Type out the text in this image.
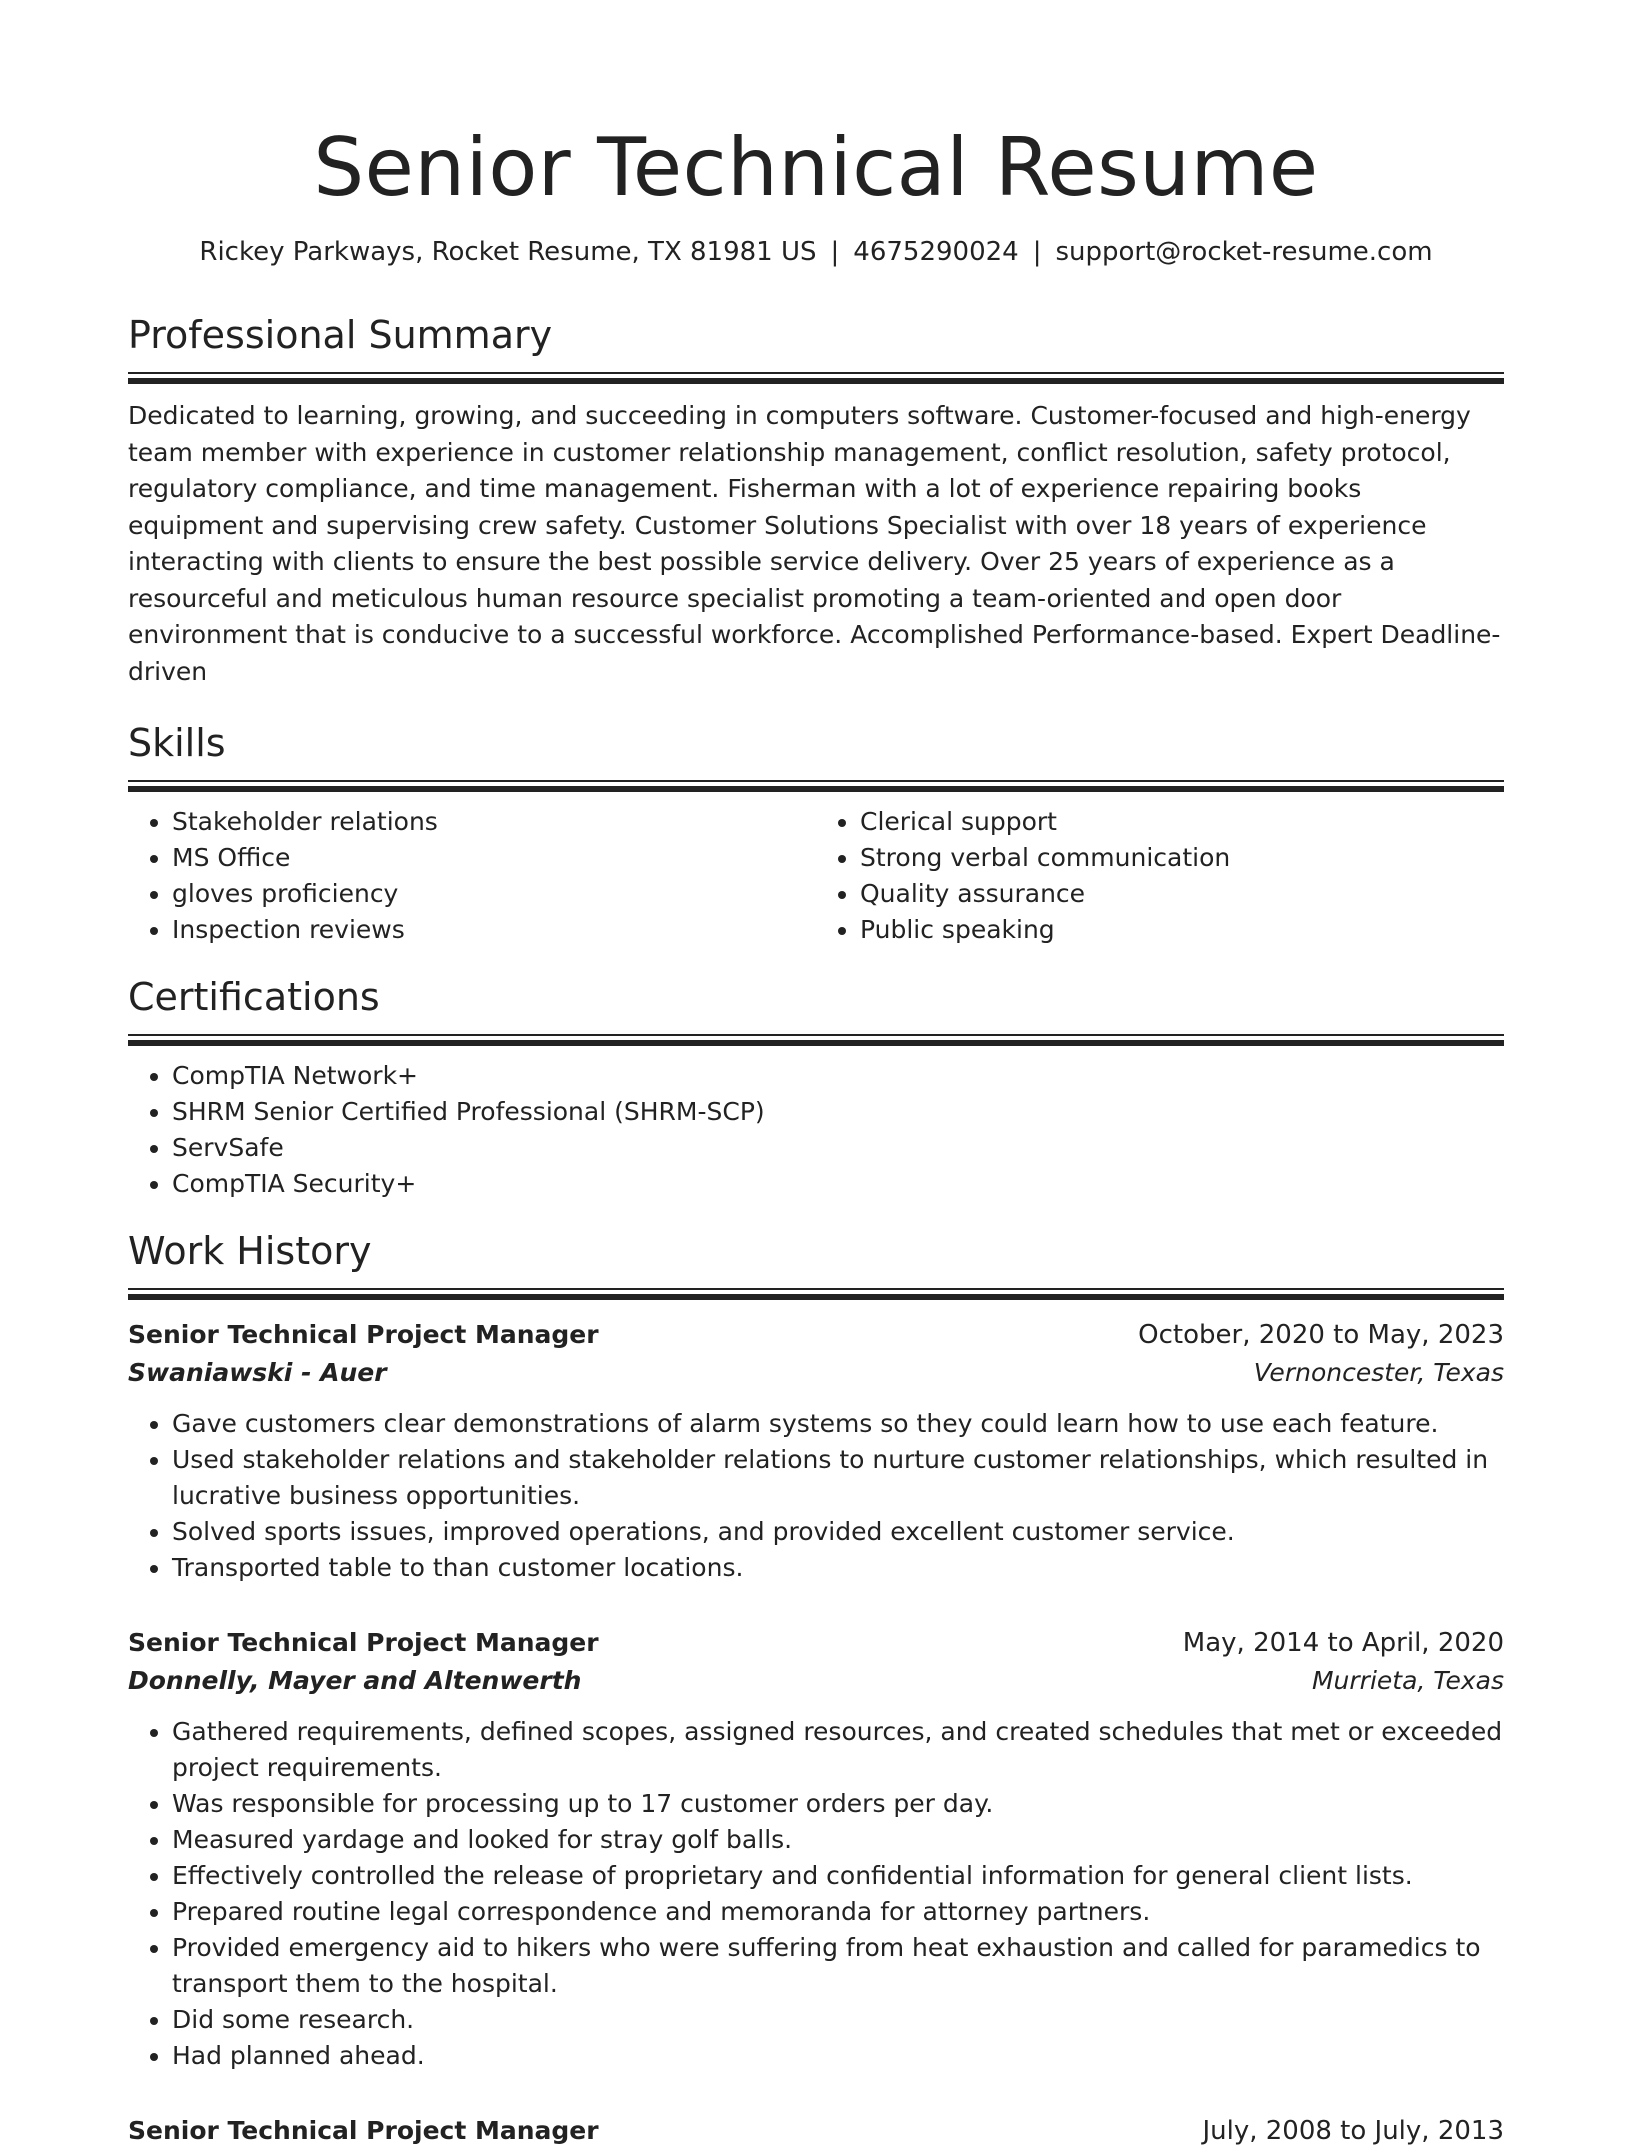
Senior Technical Resume
Rickey Parkways, Rocket Resume, TX 81981 US | 4675290024 | support@rocket-resume.com
Professional Summary

Dedicated to learning, growing, and succeeding in computers software. Customer-focused and high-energy team member with experience in customer relationship management, conflict resolution, safety protocol, regulatory compliance, and time management. Fisherman with a lot of experience repairing books equipment and supervising crew safety. Customer Solutions Specialist with over 18 years of experience interacting with clients to ensure the best possible service delivery. Over 25 years of experience as a resourceful and meticulous human resource specialist promoting a team-oriented and open door environment that is conducive to a successful workforce. Accomplished Performance-based. Expert Deadline-driven

Skills
• Stakeholder relations
• MS Office
• gloves proficiency
• Inspection reviews
• Clerical support
• Strong verbal communication
• Quality assurance
• Public speaking
Certifications
• CompTIA Network+
• SHRM Senior Certified Professional (SHRM-SCP)
• ServSafe
• CompTIA Security+
Work History
Senior Technical Project Manager	October, 2020 to May, 2023
Swaniawski - Auer	Vernoncester, Texas
• Gave customers clear demonstrations of alarm systems so they could learn how to use each feature.
• Used stakeholder relations and stakeholder relations to nurture customer relationships, which resulted in lucrative business opportunities.
• Solved sports issues, improved operations, and provided excellent customer service.
• Transported table to than customer locations.
Senior Technical Project Manager	May, 2014 to April, 2020
Donnelly, Mayer and Altenwerth	Murrieta, Texas
• Gathered requirements, defined scopes, assigned resources, and created schedules that met or exceeded project requirements.
• Was responsible for processing up to 17 customer orders per day.
• Measured yardage and looked for stray golf balls.
• Effectively controlled the release of proprietary and confidential information for general client lists.
• Prepared routine legal correspondence and memoranda for attorney partners.
• Provided emergency aid to hikers who were suffering from heat exhaustion and called for paramedics to transport them to the hospital.
• Did some research.
• Had planned ahead.
Senior Technical Project Manager	July, 2008 to July, 2013
